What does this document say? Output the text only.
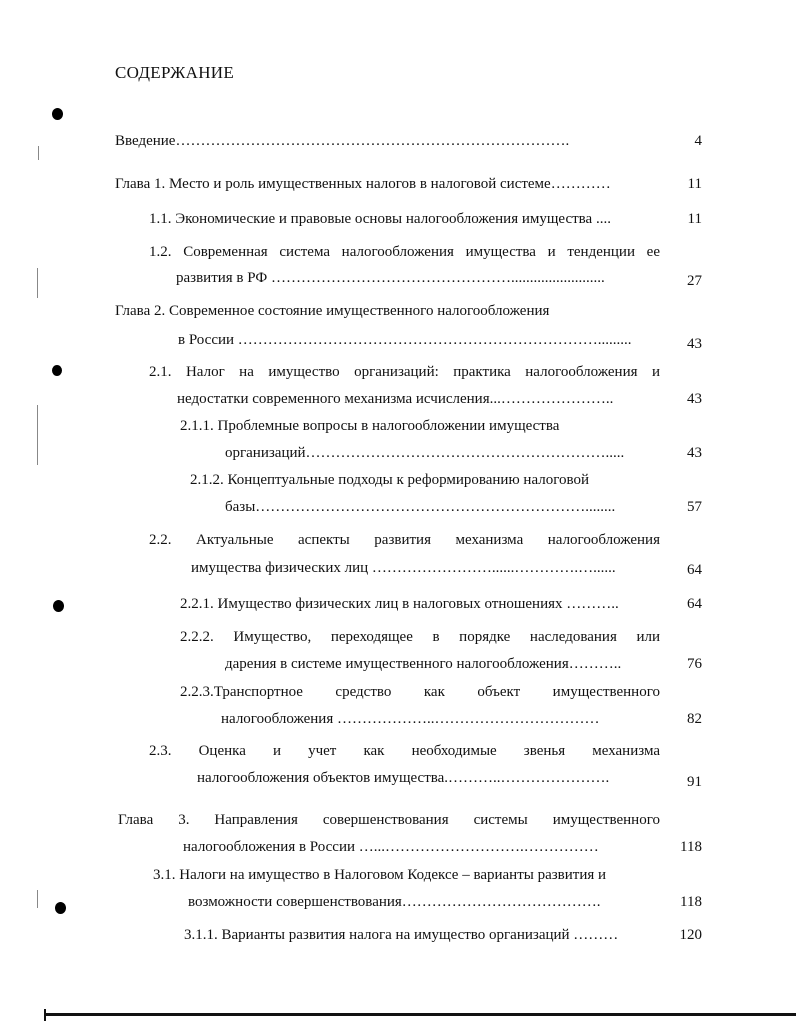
СОДЕРЖАНИЕ
Введение…………………………………………………………………….	4
Глава 1. Место и роль имущественных налогов в налоговой системе…………	11
1.1. Экономические и правовые основы налогообложения имущества ....	11
1.2. Современная система налогообложения имущества и тенденции ее
развития в РФ ………………………………………….........................	27
Глава 2. Современное состояние имущественного налогообложения
в России ……………………………………………………………….........	43
2.1. Налог на имущество организаций: практика налогообложения и
недостатки современного механизма исчисления...…………………..	43
2.1.1. Проблемные вопросы в налогообложении имущества
организаций…………………………………………………….....	43
2.1.2. Концептуальные подходы к реформированию налоговой
базы…………………………………………………………........	57
2.2. Актуальные аспекты развития механизма налогообложения
имущества физических лиц ……………………......………….…......	64
2.2.1. Имущество физических лиц в налоговых отношениях ………..	64
2.2.2. Имущество, переходящее в порядке наследования или
дарения в системе имущественного налогообложения………..	76
2.2.3.Транспортное средство как объект имущественного
налогообложения ………………..……………………………	82
2.3. Оценка и учет как необходимые звенья механизма
налогообложения объектов имущества.………..………………….	91
Глава 3. Направления совершенствования системы имущественного
налогообложения в России …...……………………….……………	118
3.1. Налоги на имущество в Налоговом Кодексе – варианты развития и
возможности совершенствования………………………………….	118
3.1.1. Варианты развития налога на имущество организаций ………	120
